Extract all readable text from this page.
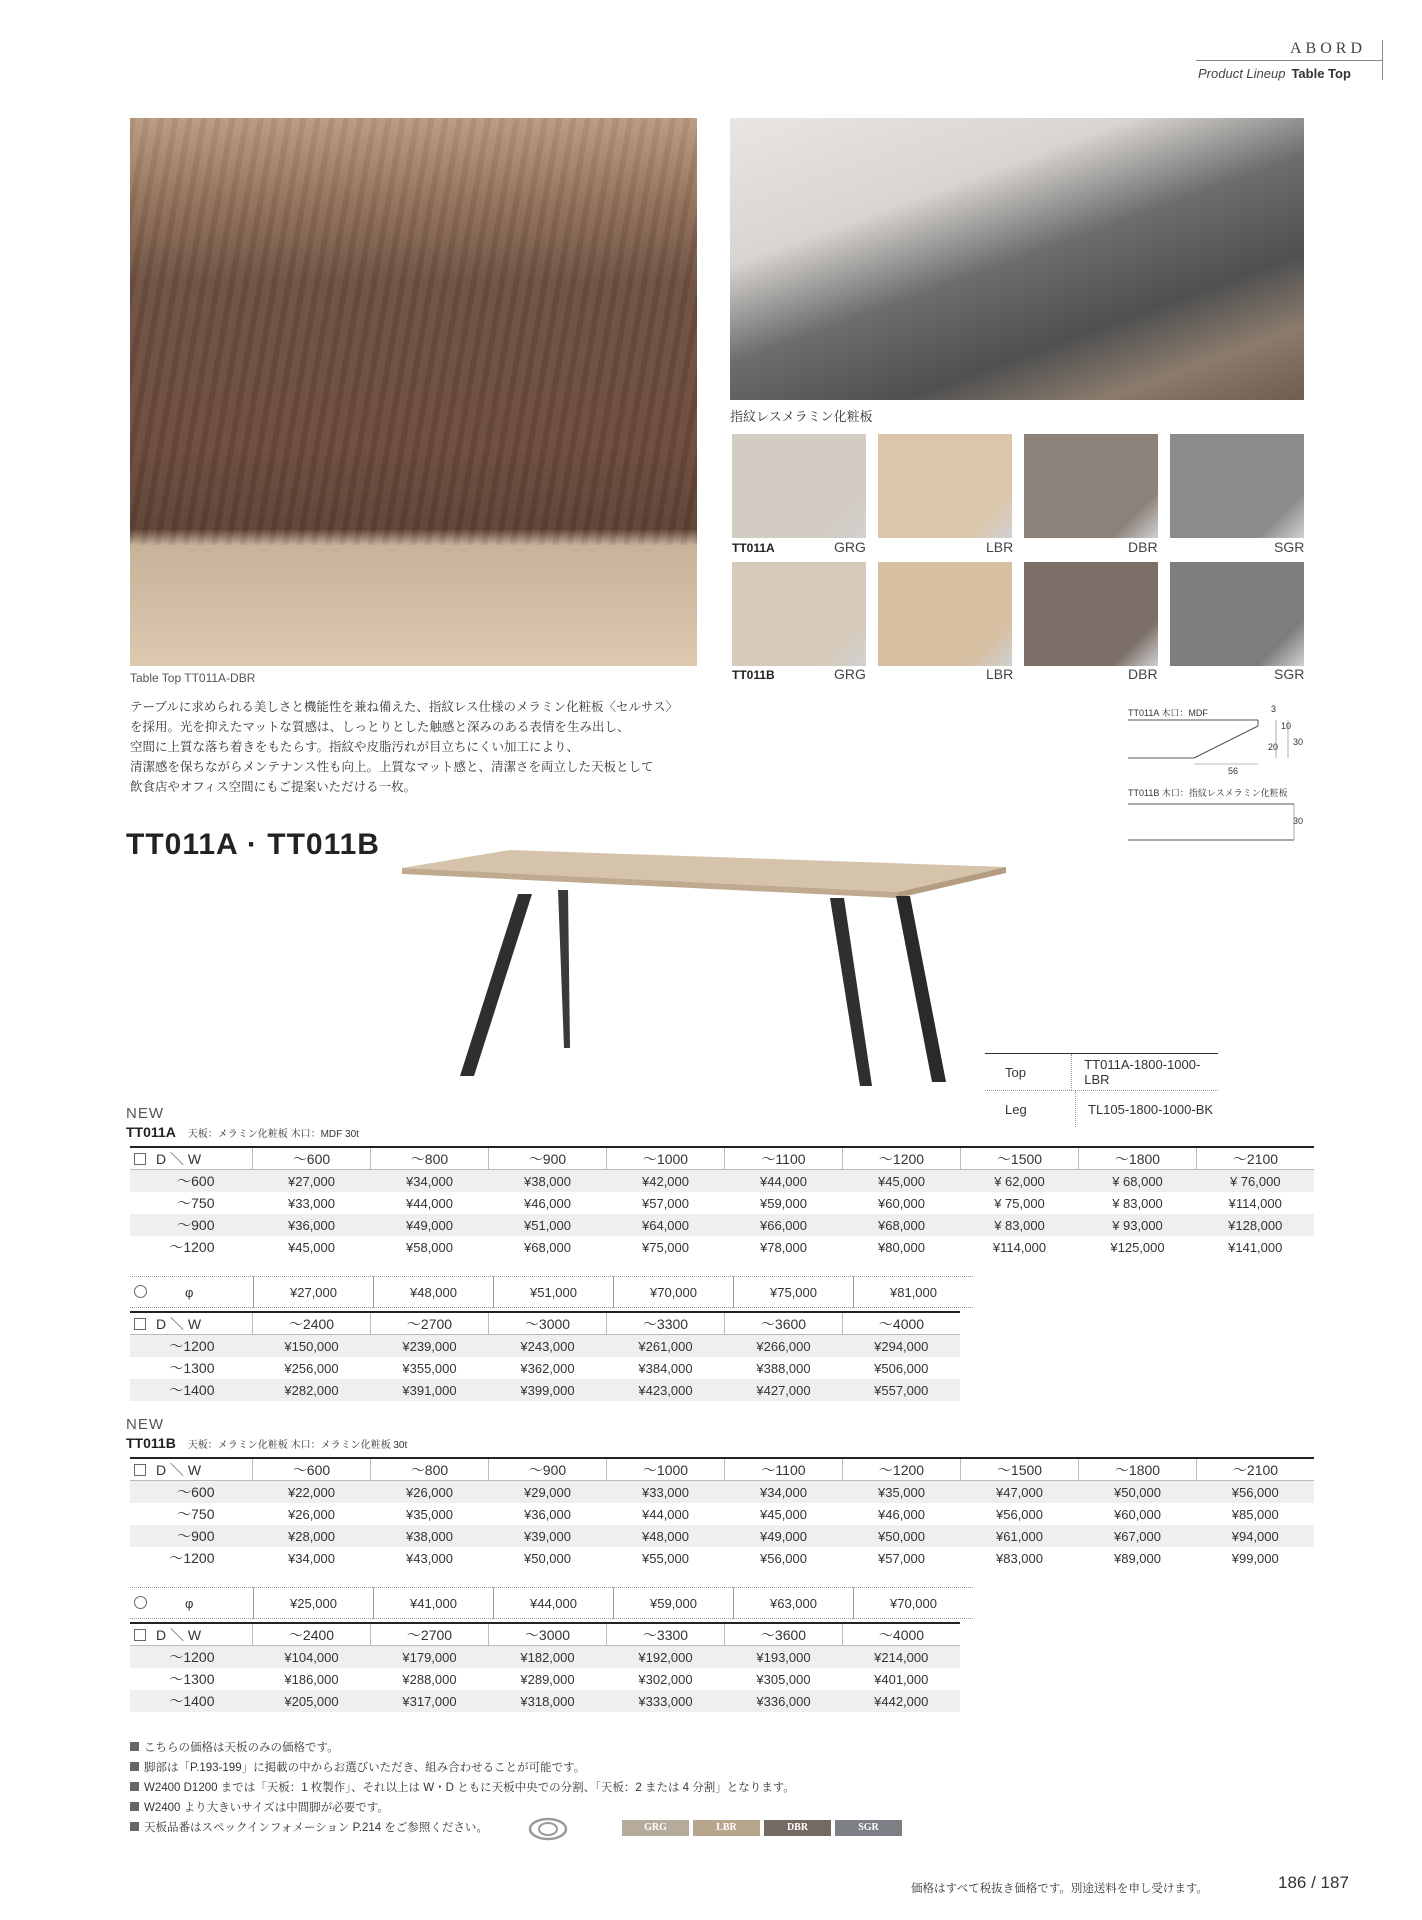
ABORD
Product Lineup Table Top
Table Top TT011A-DBR
指紋レスメラミン化粧板
TT011A
TT011B
GRG	LBR	DBR	SGR
GRG	LBR	DBR	SGR
テーブルに求められる美しさと機能性を兼ね備えた、指紋レス仕様のメラミン化粧板〈セルサス〉
を採用。光を抑えたマットな質感は、しっとりとした触感と深みのある表情を生み出し、
空間に上質な落ち着きをもたらす。指紋や皮脂汚れが目立ちにくい加工により、
清潔感を保ちながらメンテナンス性も向上。上質なマット感と、清潔さを両立した天板として
飲食店やオフィス空間にもご提案いただける一枚。
TT011A 木口：MDF	3
10
20 30
56
TT011B 木口：指紋レスメラミン化粧板
30
TT011A · TT011B
Top	TT011A-1800-1000-LBR
Leg	TL105-1800-1000-BK
NEW
TT011A 天板：メラミン化粧板 木口：MDF 30t
D ＼ W	～600	～800	～900	～1000	～1100	～1200	～1500	～1800	～2100
～600	¥27,000	¥34,000	¥38,000	¥42,000	¥44,000	¥45,000	¥ 62,000	¥ 68,000	¥ 76,000
～750	¥33,000	¥44,000	¥46,000	¥57,000	¥59,000	¥60,000	¥ 75,000	¥ 83,000	¥114,000
～900	¥36,000	¥49,000	¥51,000	¥64,000	¥66,000	¥68,000	¥ 83,000	¥ 93,000	¥128,000
～1200	¥45,000	¥58,000	¥68,000	¥75,000	¥78,000	¥80,000	¥114,000	¥125,000	¥141,000
φ	¥27,000	¥48,000	¥51,000	¥70,000	¥75,000	¥81,000
D ＼ W	～2400	～2700	～3000	～3300	～3600	～4000
～1200	¥150,000	¥239,000	¥243,000	¥261,000	¥266,000	¥294,000
～1300	¥256,000	¥355,000	¥362,000	¥384,000	¥388,000	¥506,000
～1400	¥282,000	¥391,000	¥399,000	¥423,000	¥427,000	¥557,000
NEW
TT011B 天板：メラミン化粧板 木口：メラミン化粧板 30t
D ＼ W	～600	～800	～900	～1000	～1100	～1200	～1500	～1800	～2100
～600	¥22,000	¥26,000	¥29,000	¥33,000	¥34,000	¥35,000	¥47,000	¥50,000	¥56,000
～750	¥26,000	¥35,000	¥36,000	¥44,000	¥45,000	¥46,000	¥56,000	¥60,000	¥85,000
～900	¥28,000	¥38,000	¥39,000	¥48,000	¥49,000	¥50,000	¥61,000	¥67,000	¥94,000
～1200	¥34,000	¥43,000	¥50,000	¥55,000	¥56,000	¥57,000	¥83,000	¥89,000	¥99,000
φ	¥25,000	¥41,000	¥44,000	¥59,000	¥63,000	¥70,000
D ＼ W	～2400	～2700	～3000	～3300	～3600	～4000
～1200	¥104,000	¥179,000	¥182,000	¥192,000	¥193,000	¥214,000
～1300	¥186,000	¥288,000	¥289,000	¥302,000	¥305,000	¥401,000
～1400	¥205,000	¥317,000	¥318,000	¥333,000	¥336,000	¥442,000
こちらの価格は天板のみの価格です。
脚部は「P.193-199」に掲載の中からお選びいただき、組み合わせることが可能です。
W2400 D1200 までは「天板：1 枚製作」、それ以上は W・D ともに天板中央での分割、「天板：2 または 4 分割」となります。
W2400 より大きいサイズは中間脚が必要です。
天板品番はスペックインフォメーション P.214 をご参照ください。	GRG	LBR	DBR	SGR
価格はすべて税抜き価格です。別途送料を申し受けます。	186 / 187
